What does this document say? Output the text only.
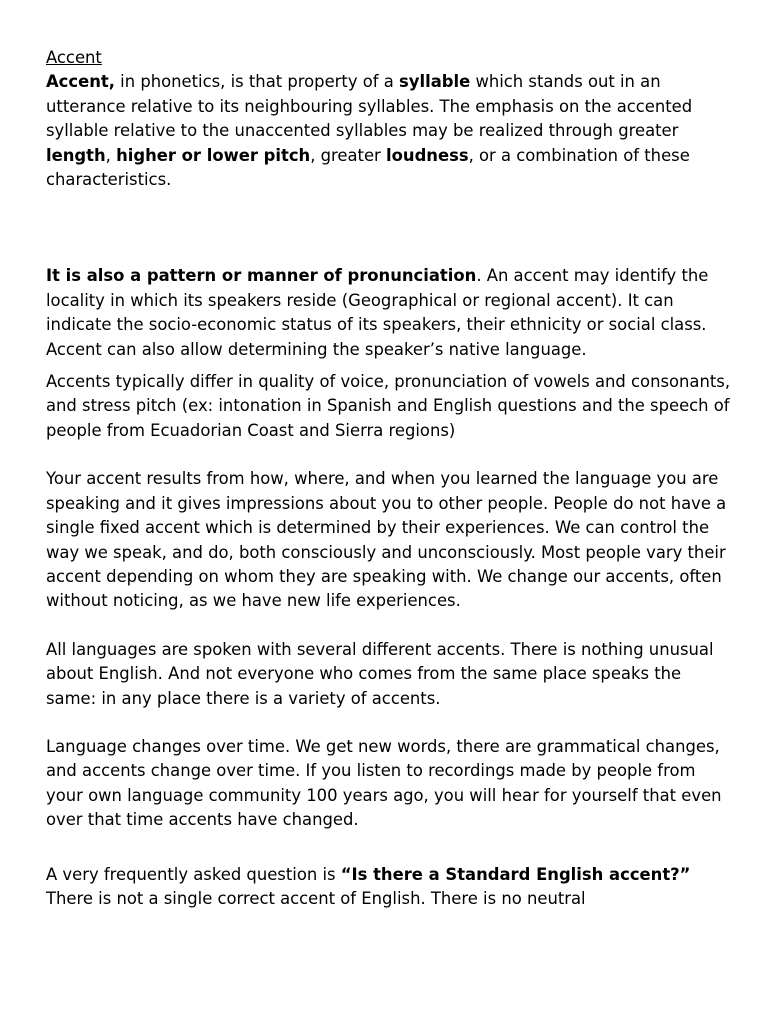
Accent

Accent, in phonetics, is that property of a syllable which stands out in an utterance relative to its neighbouring syllables. The emphasis on the accented syllable relative to the unaccented syllables may be realized through greater length, higher or lower pitch, greater loudness, or a combination of these characteristics.

It is also a pattern or manner of pronunciation. An accent may identify the locality in which its speakers reside (Geographical or regional accent). It can indicate the socio-economic status of its speakers, their ethnicity or social class. Accent can also allow determining the speaker’s native language.

Accents typically differ in quality of voice, pronunciation of vowels and consonants, and stress pitch (ex: intonation in Spanish and English questions and the speech of people from Ecuadorian Coast and Sierra regions)

Your accent results from how, where, and when you learned the language you are speaking and it gives impressions about you to other people. People do not have a single fixed accent which is determined by their experiences. We can control the way we speak, and do, both consciously and unconsciously. Most people vary their accent depending on whom they are speaking with. We change our accents, often without noticing, as we have new life experiences.

All languages are spoken with several different accents. There is nothing unusual about English. And not everyone who comes from the same place speaks the same: in any place there is a variety of accents.

Language changes over time. We get new words, there are grammatical changes, and accents change over time. If you listen to recordings made by people from your own language community 100 years ago, you will hear for yourself that even over that time accents have changed.

A very frequently asked question is “Is there a Standard English accent?” There is not a single correct accent of English. There is no neutral
